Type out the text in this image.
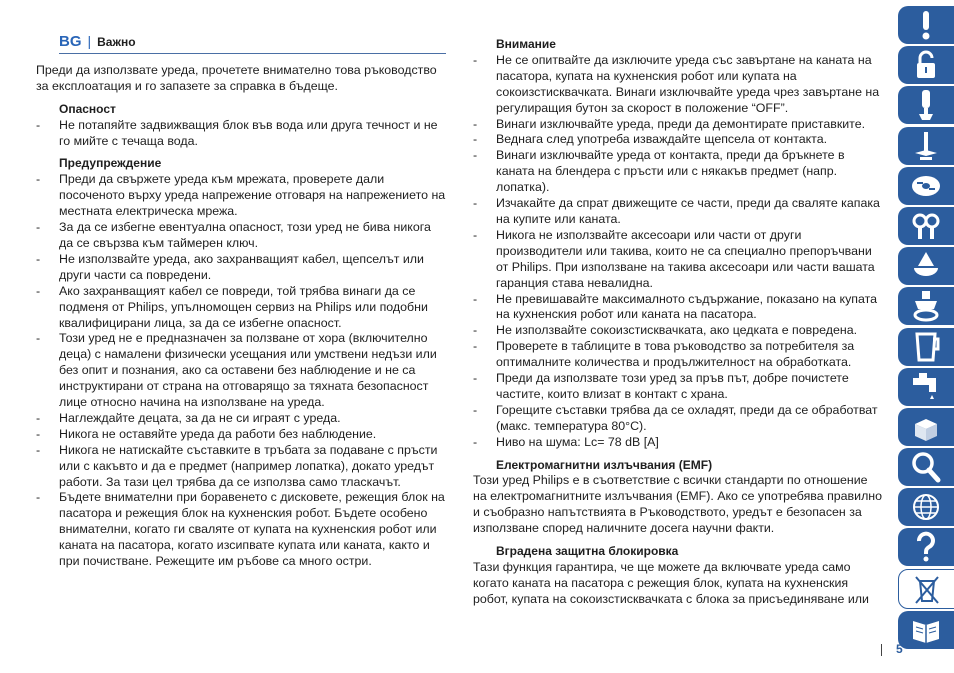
BG | Важно

Преди да използвате уреда, прочетете внимателно това ръководство за експлоатация и го запазете за справка в бъдеще.

Опасност
- Не потапяйте задвижващия блок във вода или друга течност и не го мийте с течаща вода.
Предупреждение
- Преди да свържете уреда към мрежата, проверете дали посоченото върху уреда напрежение отговаря на напрежението на местната електрическа мрежа.
- За да се избегне евентуална опасност, този уред не бива никога да се свързва към таймерен ключ.
- Не използвайте уреда, ако захранващият кабел, щепселът или други части са повредени.
- Ако захранващият кабел се повреди, той трябва винаги да се подменя от Philips, упълномощен сервиз на Philips или подобни квалифицирани лица, за да се избегне опасност.
- Този уред не е предназначен за ползване от хора (включително деца) с намалени физически усещания или умствени недъзи или без опит и познания, ако са оставени без наблюдение и не са инструктирани от страна на отговарящо за тяхната безопасност лице относно начина на използване на уреда.
- Наглеждайте децата, за да не си играят с уреда.
- Никога не оставяйте уреда да работи без наблюдение.
- Никога не натискайте съставките в тръбата за подаване с пръсти или с какъвто и да е предмет (например лопатка), докато уредът работи. За тази цел трябва да се използва само тласкачът.
- Бъдете внимателни при боравенето с дисковете, режещия блок на пасатора и режещия блок на кухненския робот. Бъдете особено внимателни, когато ги сваляте от купата на кухненския робот или каната на пасатора, когато изсипвате купата или каната, както и при почистване. Режещите им ръбове са много остри.
Внимание
- Не се опитвайте да изключите уреда със завъртане на каната на пасатора, купата на кухненския робот или купата на сокоизстисквачката. Винаги изключвайте уреда чрез завъртане на регулиращия бутон за скорост в положение “OFF”.
- Винаги изключвайте уреда, преди да демонтирате приставките.
- Веднага след употреба изваждайте щепсела от контакта.
- Винаги изключвайте уреда от контакта, преди да бръкнете в каната на блендера с пръсти или с някакъв предмет (напр. лопатка).
- Изчакайте да спрат движещите се части, преди да сваляте капака на купите или каната.
- Никога не използвайте аксесоари или части от други производители или такива, които не са специално препоръчвани от Philips. При използване на такива аксесоари или части вашата гаранция става невалидна.
- Не превишавайте максималното съдържание, показано на купата на кухненския робот или каната на пасатора.
- Не използвайте сокоизстисквачката, ако цедката е повредена.
- Проверете в таблиците в това ръководство за потребителя за оптималните количества и продължителност на обработката.
- Преди да използвате този уред за пръв път, добре почистете частите, които влизат в контакт с храна.
- Горещите съставки трябва да се охладят, преди да се обработват (макс. температура 80°C).
- Ниво на шума: Lc= 78 dB [A]
Електромагнитни излъчвания (EMF)

Този уред Philips е в съответствие с всички стандарти по отношение на електромагнитните излъчвания (EMF). Ако се употребява правилно и съобразно напътствията в Ръководството, уредът е безопасен за използване според наличните досега научни факти.

Вградена защитна блокировка

Тази функция гарантира, че ще можете да включвате уреда само когато каната на пасатора с режещия блок, купата на кухненския робот, купата на сокоизстисквачката с блока за присъединяване или

5
